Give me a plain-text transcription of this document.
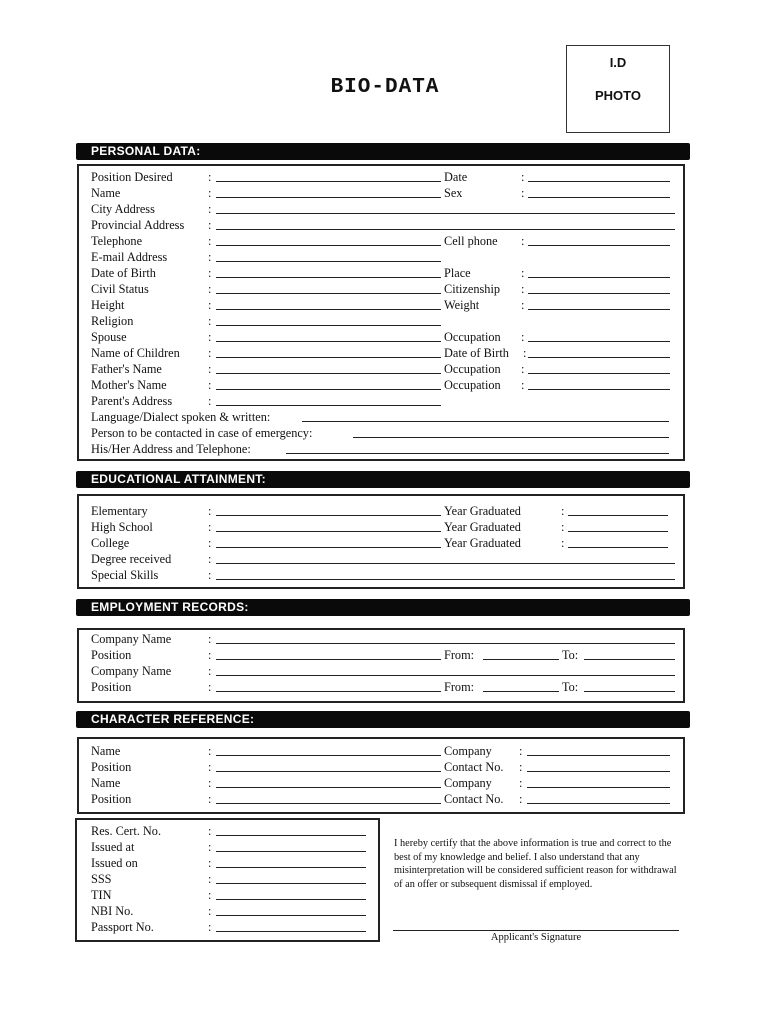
BIO-DATA
I.D
PHOTO
PERSONAL DATA:
EDUCATIONAL ATTAINMENT:
EMPLOYMENT RECORDS:
CHARACTER REFERENCE:
Position Desired
Name
City Address
Provincial Address
Telephone
E-mail Address
Date of Birth
Civil Status
Height
Religion
Spouse
Name of Children
Father's Name
Mother's Name
Parent's Address
Language/Dialect spoken & written:
Person to be contacted in case of emergency:
His/Her Address and Telephone:
:
:
:
:
:
:
:
:
:
:
:
:
:
:
:
Date
Sex
Cell phone
Place
Citizenship
Weight
Occupation
Date of Birth
Occupation
Occupation
:
:
:
:
:
:
:
:
:
:
Elementary
High School
College
Degree received
Special Skills
:
:
:
:
:
Year Graduated
Year Graduated
Year Graduated
:
:
:
Company Name
Position
Company Name
Position
:
:
:
:
From:
From:
To:
To:
Name
Position
Name
Position
:
:
:
:
Company
Contact No.
Company
Contact No.
:
:
:
:
Res. Cert. No.
Issued at
Issued on
SSS
TIN
NBI No.
Passport No.
:
:
:
:
:
:
:
I hereby certify that the above information is true and correct to the best of my knowledge and belief. I also understand that any misinterpretation will be considered sufficient reason for withdrawal of an offer or subsequent dismissal if employed.
Applicant's Signature
